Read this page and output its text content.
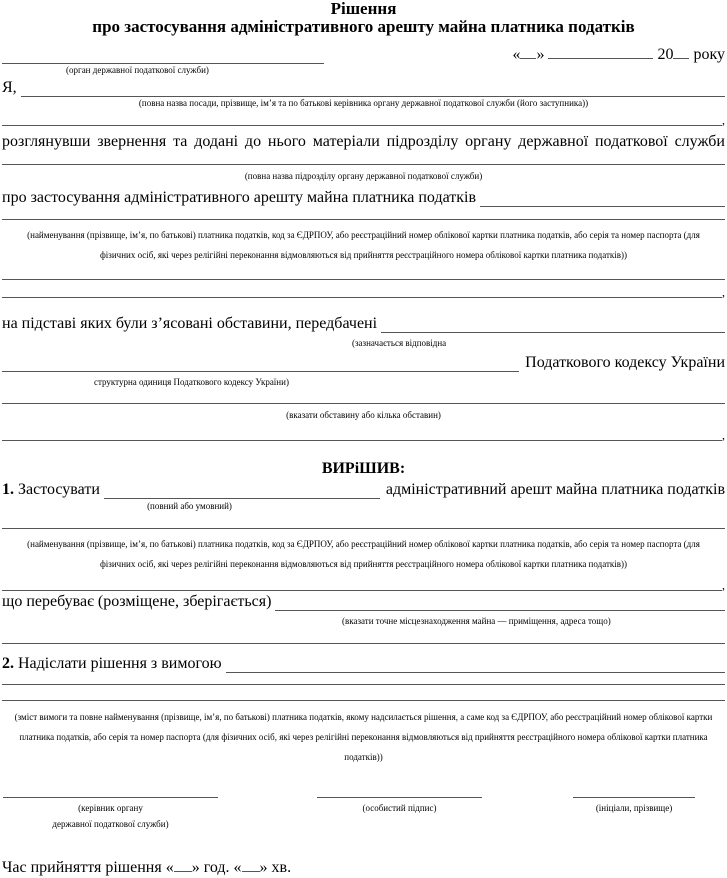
Рішення
про застосування адміністративного арешту майна платника податків
« »	20 року
(орган державної податкової служби)
Я,
(повна назва посади, прізвище, ім’я та по батькові керівника органу державної податкової служби (його заступника))
,
розглянувши звернення та додані до нього матеріали підрозділу органу державної податкової служби
(повна назва підрозділу органу державної податкової служби)
про застосування адміністративного арешту майна платника податків
(найменування (прізвище, ім’я, по батькові) платника податків, код за ЄДРПОУ, або реєстраційний номер облікової картки платника податків, або серія та номер паспорта (для фізичних осіб, які через релігійні переконання відмовляються від прийняття реєстраційного номера облікової картки платника податків))
,
на підставі яких були з’ясовані обставини, передбачені
(зазначається відповідна
Податкового кодексу України
структурна одиниця Податкового кодексу України)
(вказати обставину або кілька обставин)
,
ВИРіШИВ:
1.
Застосувати	адміністративний арешт майна платника податків
(повний або умовний)
(найменування (прізвище, ім’я, по батькові) платника податків, код за ЄДРПОУ, або реєстраційний номер облікової картки платника податків, або серія та номер паспорта (для фізичних осіб, які через релігійні переконання відмовляються від прийняття реєстраційного номера облікової картки платника податків))
,
що перебуває (розміщене, зберігається)
(вказати точне місцезнаходження майна — приміщення, адреса тощо)
2.
Надіслати рішення з вимогою
(зміст вимоги та повне найменування (прізвище, ім’я, по батькові) платника податків, якому надсилається рішення, а саме код за ЄДРПОУ, або реєстраційний номер облікової картки платника податків, або серія та номер паспорта (для фізичних осіб, які через релігійні переконання відмовляються від прийняття реєстраційного номера облікової картки платника податків))
(керівник органу
державної податкової служби)
(особистий підпис)	(ініціали, прізвище)
Час прийняття рішення « » год. « » хв.
